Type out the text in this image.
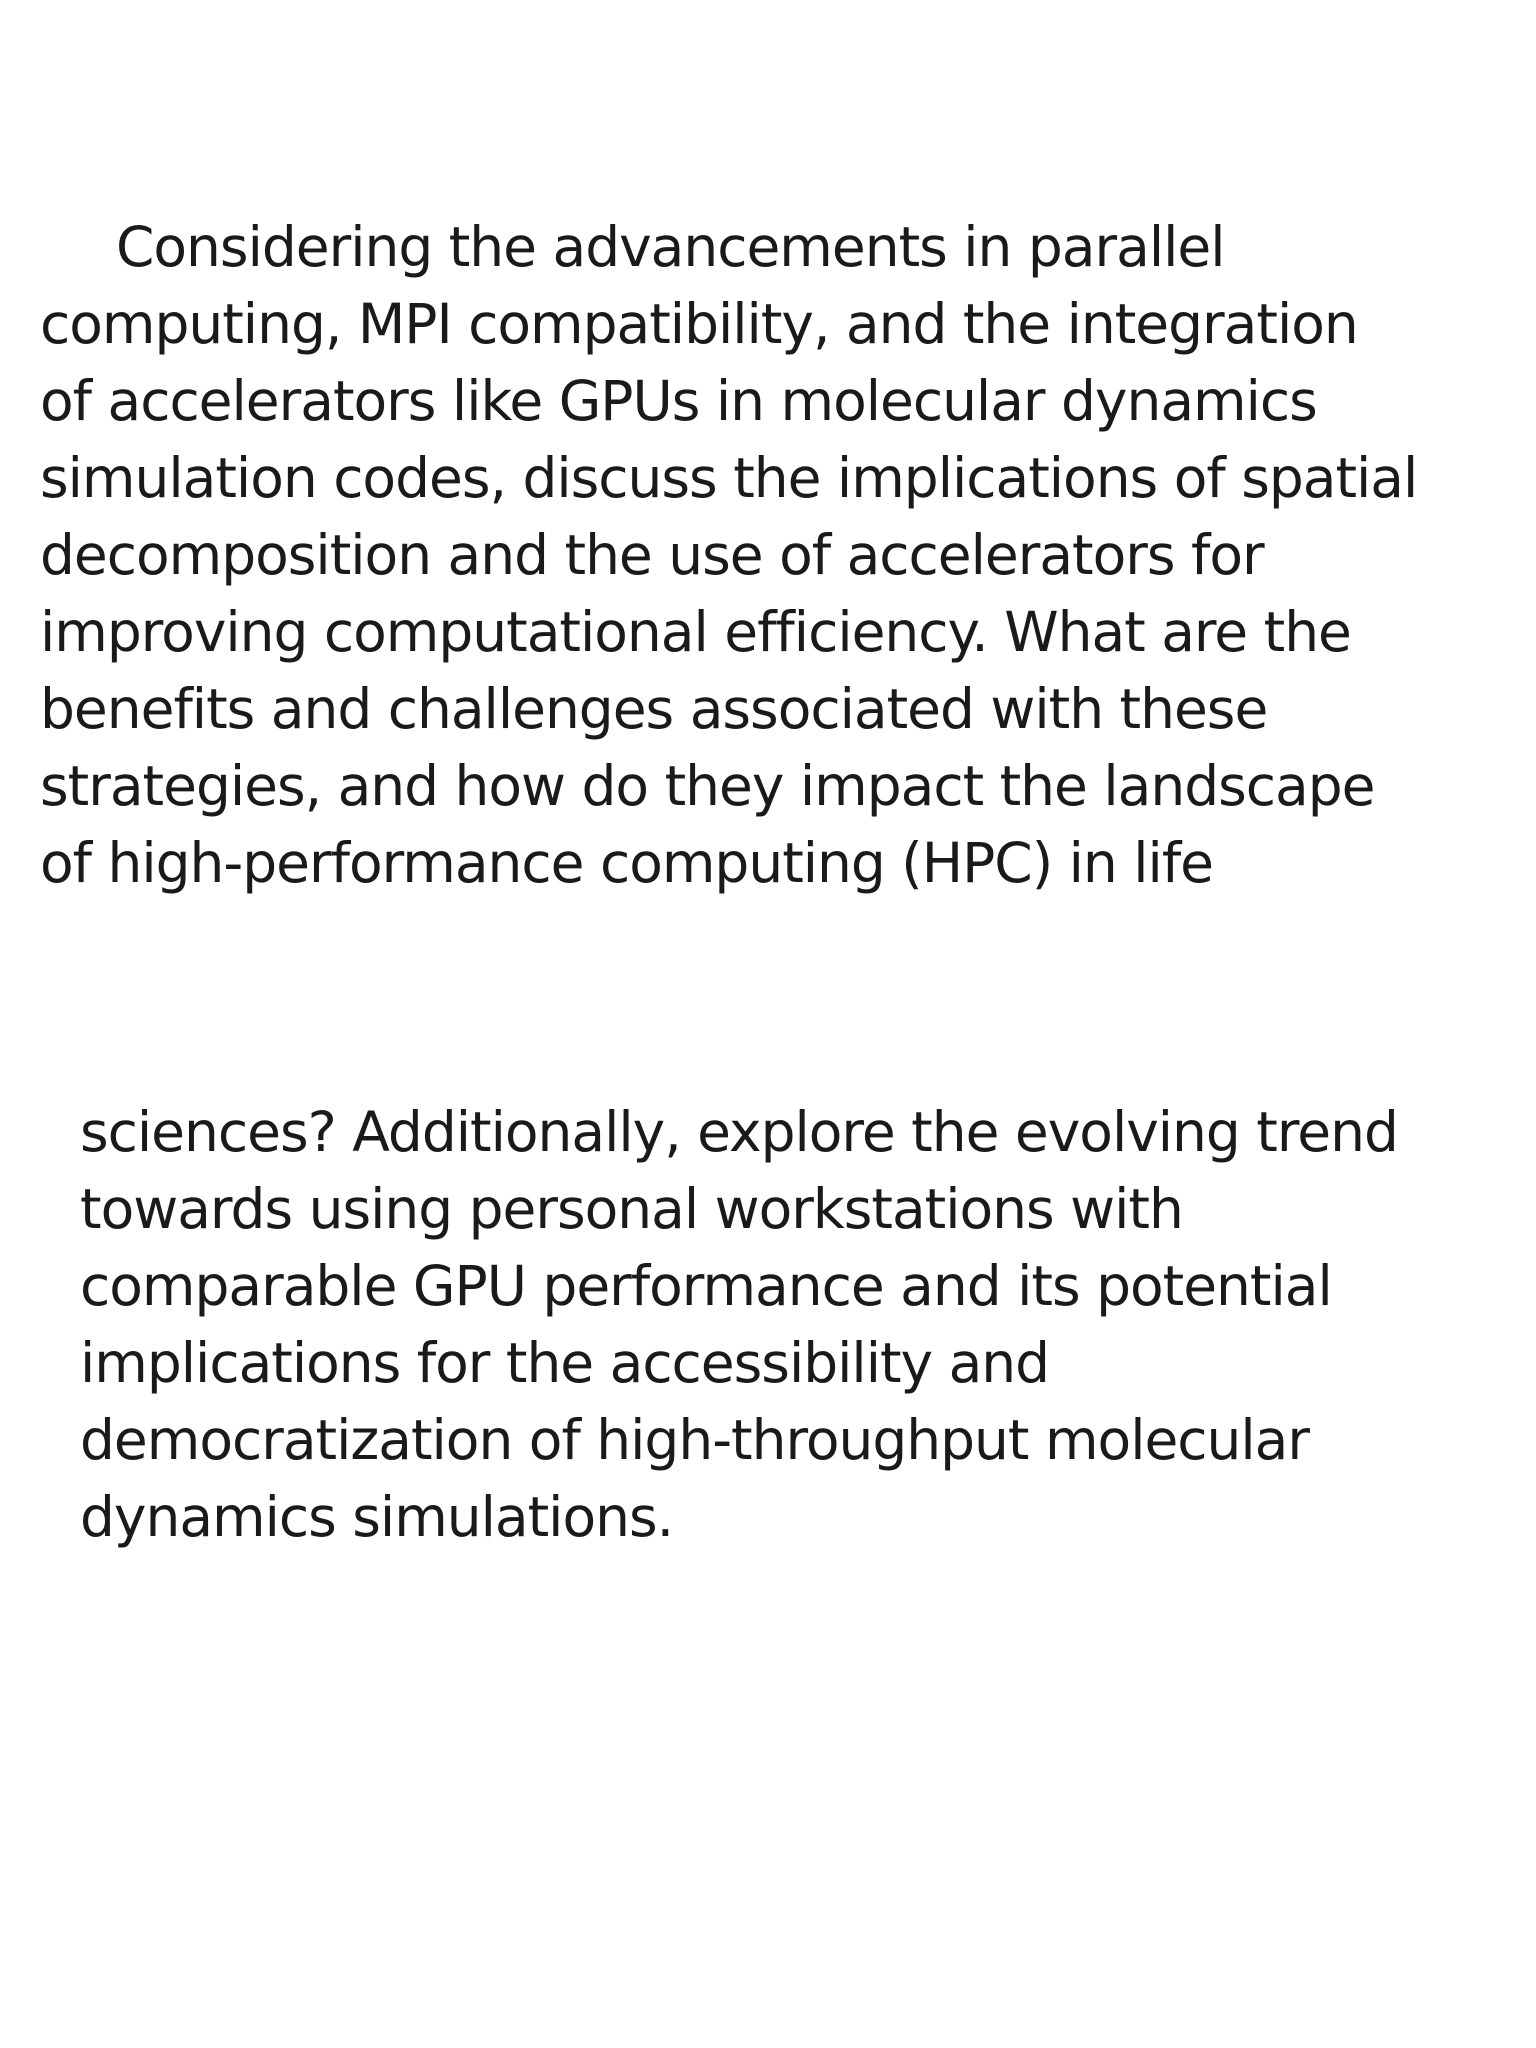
Considering the advancements in parallel
computing, MPI compatibility, and the integration
of accelerators like GPUs in molecular dynamics
simulation codes, discuss the implications of spatial
decomposition and the use of accelerators for
improving computational efficiency. What are the
benefits and challenges associated with these
strategies, and how do they impact the landscape
of high-performance computing (HPC) in life

sciences? Additionally, explore the evolving trend
towards using personal workstations with
comparable GPU performance and its potential
implications for the accessibility and
democratization of high-throughput molecular
dynamics simulations.
